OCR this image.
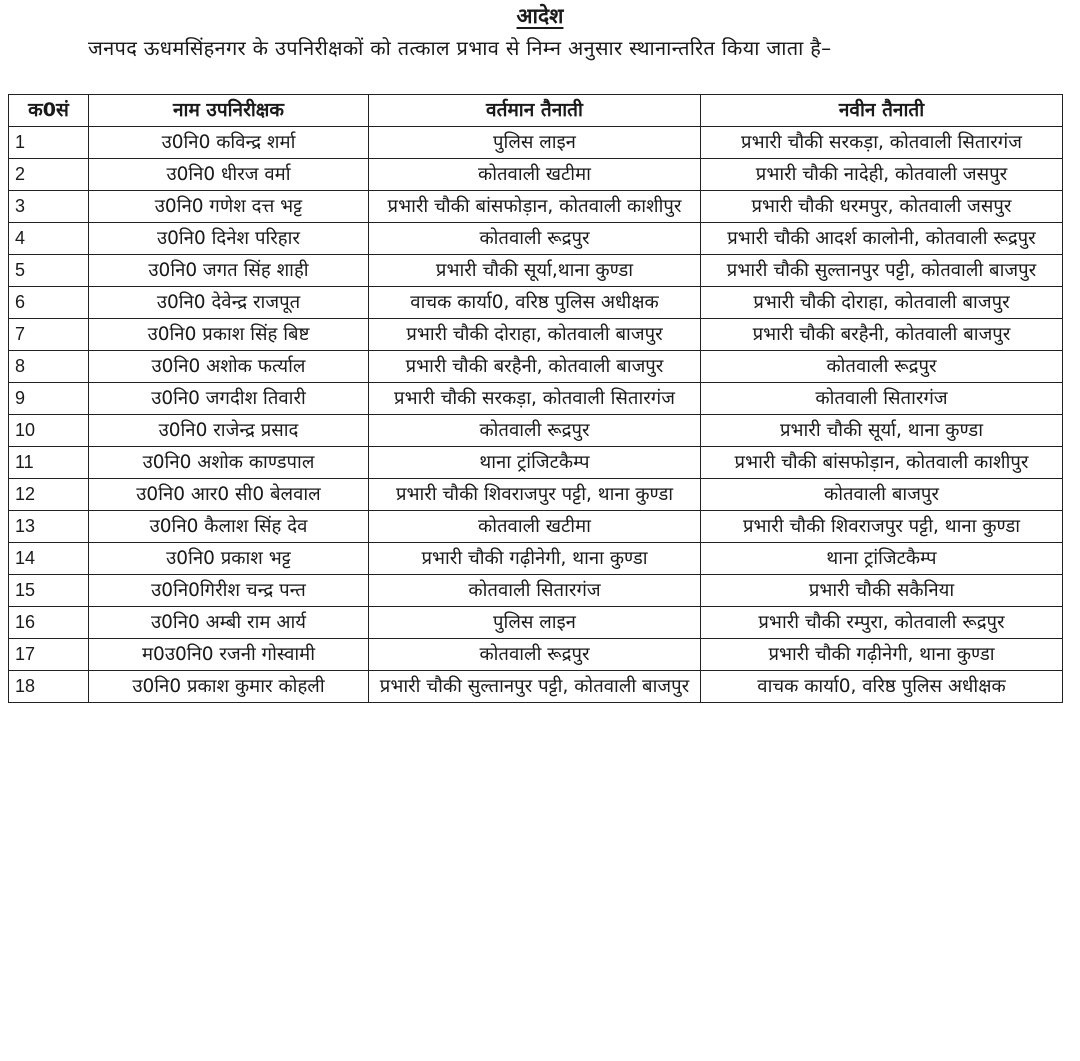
आदेश
जनपद ऊधमसिंहनगर के उपनिरीक्षकों को तत्काल प्रभाव से निम्न अनुसार स्थानान्तरित किया जाता है–
क0सं	नाम उपनिरीक्षक	वर्तमान तैनाती	नवीन तैनाती
1	उ0नि0 कविन्द्र शर्मा	पुलिस लाइन	प्रभारी चौकी सरकड़ा, कोतवाली सितारगंज
2	उ0नि0 धीरज वर्मा	कोतवाली खटीमा	प्रभारी चौकी नादेही, कोतवाली जसपुर
3	उ0नि0 गणेश दत्त भट्ट	प्रभारी चौकी बांसफोड़ान, कोतवाली काशीपुर	प्रभारी चौकी धरमपुर, कोतवाली जसपुर
4	उ0नि0 दिनेश परिहार	कोतवाली रूद्रपुर	प्रभारी चौकी आदर्श कालोनी, कोतवाली रूद्रपुर
5	उ0नि0 जगत सिंह शाही	प्रभारी चौकी सूर्या,थाना कुण्डा	प्रभारी चौकी सुल्तानपुर पट्टी, कोतवाली बाजपुर
6	उ0नि0 देवेन्द्र राजपूत	वाचक कार्या0, वरिष्ठ पुलिस अधीक्षक	प्रभारी चौकी दोराहा, कोतवाली बाजपुर
7	उ0नि0 प्रकाश सिंह बिष्ट	प्रभारी चौकी दोराहा, कोतवाली बाजपुर	प्रभारी चौकी बरहैनी, कोतवाली बाजपुर
8	उ0नि0 अशोक फर्त्याल	प्रभारी चौकी बरहैनी, कोतवाली बाजपुर	कोतवाली रूद्रपुर
9	उ0नि0 जगदीश तिवारी	प्रभारी चौकी सरकड़ा, कोतवाली सितारगंज	कोतवाली सितारगंज
10	उ0नि0 राजेन्द्र प्रसाद	कोतवाली रूद्रपुर	प्रभारी चौकी सूर्या, थाना कुण्डा
11	उ0नि0 अशोक काण्डपाल	थाना ट्रांजिटकैम्प	प्रभारी चौकी बांसफोड़ान, कोतवाली काशीपुर
12	उ0नि0 आर0 सी0 बेलवाल	प्रभारी चौकी शिवराजपुर पट्टी, थाना कुण्डा	कोतवाली बाजपुर
13	उ0नि0 कैलाश सिंह देव	कोतवाली खटीमा	प्रभारी चौकी शिवराजपुर पट्टी, थाना कुण्डा
14	उ0नि0 प्रकाश भट्ट	प्रभारी चौकी गढ़ीनेगी, थाना कुण्डा	थाना ट्रांजिटकैम्प
15	उ0नि0गिरीश चन्द्र पन्त	कोतवाली सितारगंज	प्रभारी चौकी सकैनिया
16	उ0नि0 अम्बी राम आर्य	पुलिस लाइन	प्रभारी चौकी रम्पुरा, कोतवाली रूद्रपुर
17	म0उ0नि0 रजनी गोस्वामी	कोतवाली रूद्रपुर	प्रभारी चौकी गढ़ीनेगी, थाना कुण्डा
18	उ0नि0 प्रकाश कुमार कोहली	प्रभारी चौकी सुल्तानपुर पट्टी, कोतवाली बाजपुर	वाचक कार्या0, वरिष्ठ पुलिस अधीक्षक
